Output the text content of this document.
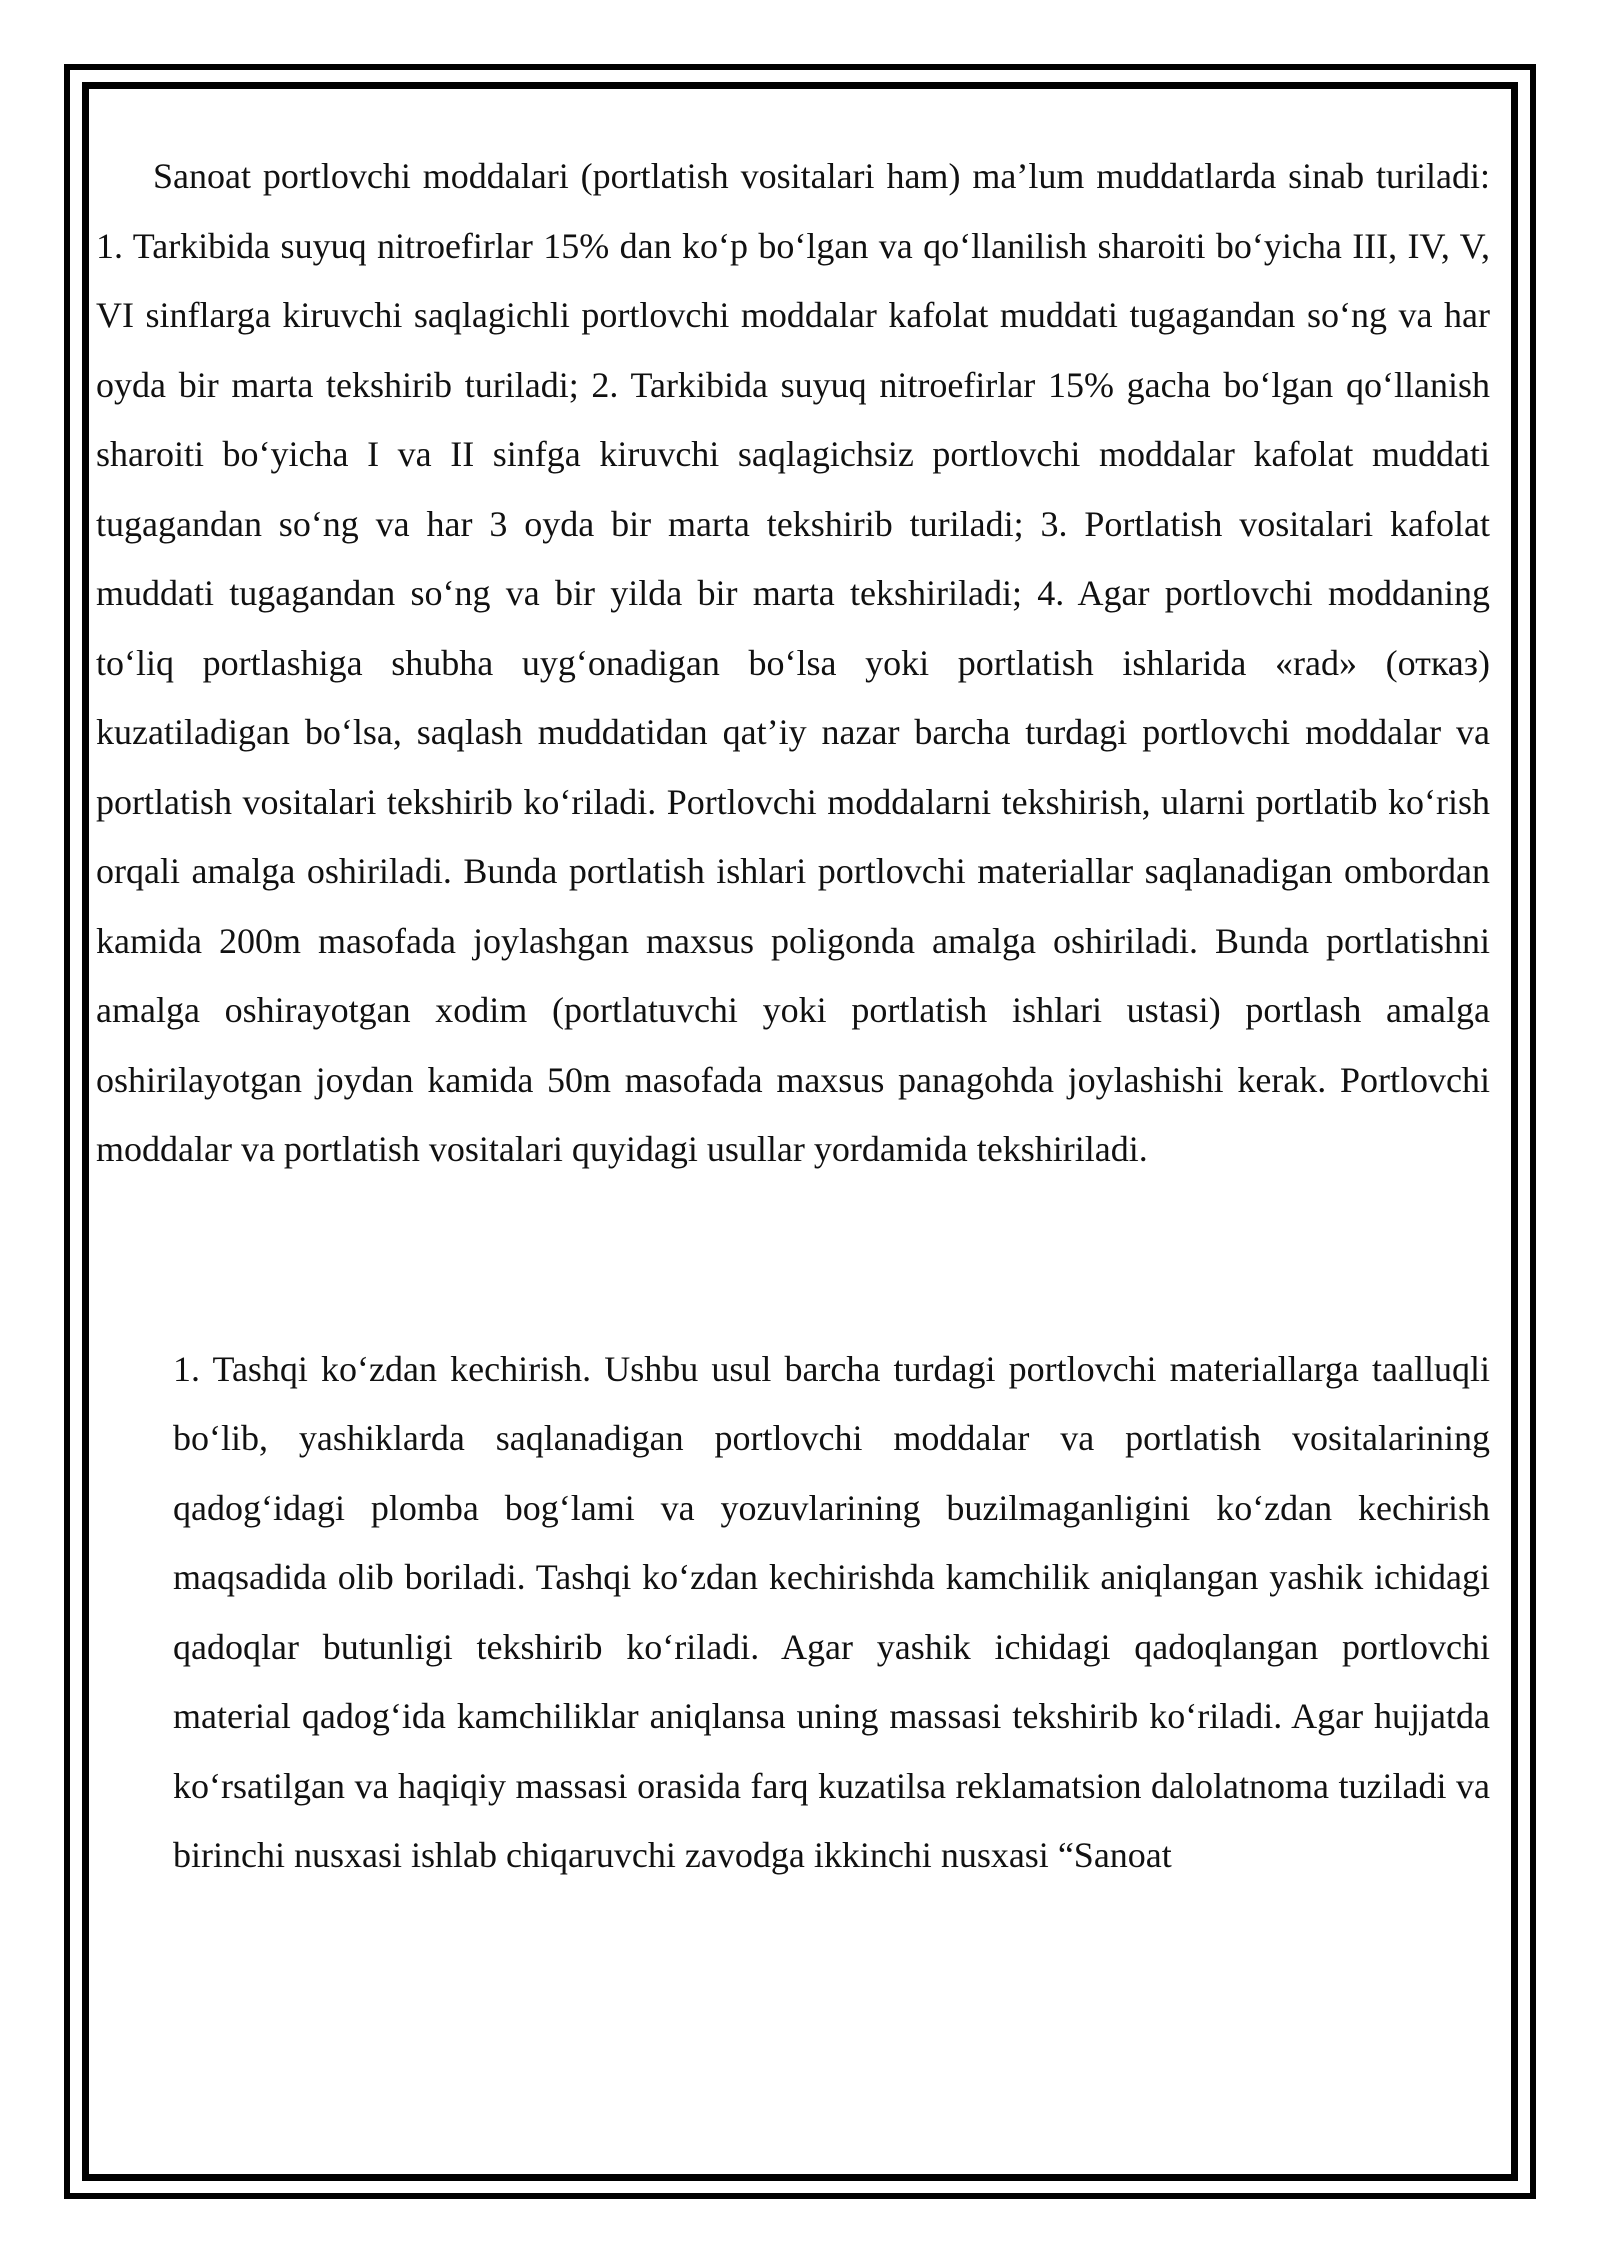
Sanoat portlovchi moddalari (portlatish vositalari ham) ma’lum muddatlarda sinab turiladi: 1. Tarkibida suyuq nitroefirlar 15% dan ko‘p bo‘lgan va qo‘llanilish sharoiti bo‘yicha III, IV, V, VI sinflarga kiruvchi saqlagichli portlovchi moddalar kafolat muddati tugagandan so‘ng va har oyda bir marta tekshirib turiladi; 2. Tarkibida suyuq nitroefirlar 15% gacha bo‘lgan qo‘llanish sharoiti bo‘yicha I va II sinfga kiruvchi saqlagichsiz portlovchi moddalar kafolat muddati tugagandan so‘ng va har 3 oyda bir marta tekshirib turiladi; 3. Portlatish vositalari kafolat muddati tugagandan so‘ng va bir yilda bir marta tekshiriladi; 4. Agar portlovchi moddaning to‘liq portlashiga shubha uyg‘onadigan bo‘lsa yoki portlatish ishlarida «rad» (отказ) kuzatiladigan bo‘lsa, saqlash muddatidan qat’iy nazar barcha turdagi portlovchi moddalar va portlatish vositalari tekshirib ko‘riladi. Portlovchi moddalarni tekshirish, ularni portlatib ko‘rish orqali amalga oshiriladi. Bunda portlatish ishlari portlovchi materiallar saqlanadigan ombordan kamida 200m masofada joylashgan maxsus poligonda amalga oshiriladi. Bunda portlatishni amalga oshirayotgan xodim (portlatuvchi yoki portlatish ishlari ustasi) portlash amalga oshirilayotgan joydan kamida 50m masofada maxsus panagohda joylashishi kerak. Portlovchi moddalar va portlatish vositalari quyidagi usullar yordamida tekshiriladi.

1. Tashqi ko‘zdan kechirish. Ushbu usul barcha turdagi portlovchi materiallarga taalluqli bo‘lib, yashiklarda saqlanadigan portlovchi moddalar va portlatish vositalarining qadog‘idagi plomba bog‘lami va yozuvlarining buzilmaganligini ko‘zdan kechirish maqsadida olib boriladi. Tashqi ko‘zdan kechirishda kamchilik aniqlangan yashik ichidagi qadoqlar butunligi tekshirib ko‘riladi. Agar yashik ichidagi qadoqlangan portlovchi material qadog‘ida kamchiliklar aniqlansa uning massasi tekshirib ko‘riladi. Agar hujjatda ko‘rsatilgan va haqiqiy massasi orasida farq kuzatilsa reklamatsion dalolatnoma tuziladi va birinchi nusxasi ishlab chiqaruvchi zavodga ikkinchi nusxasi “Sanoat
